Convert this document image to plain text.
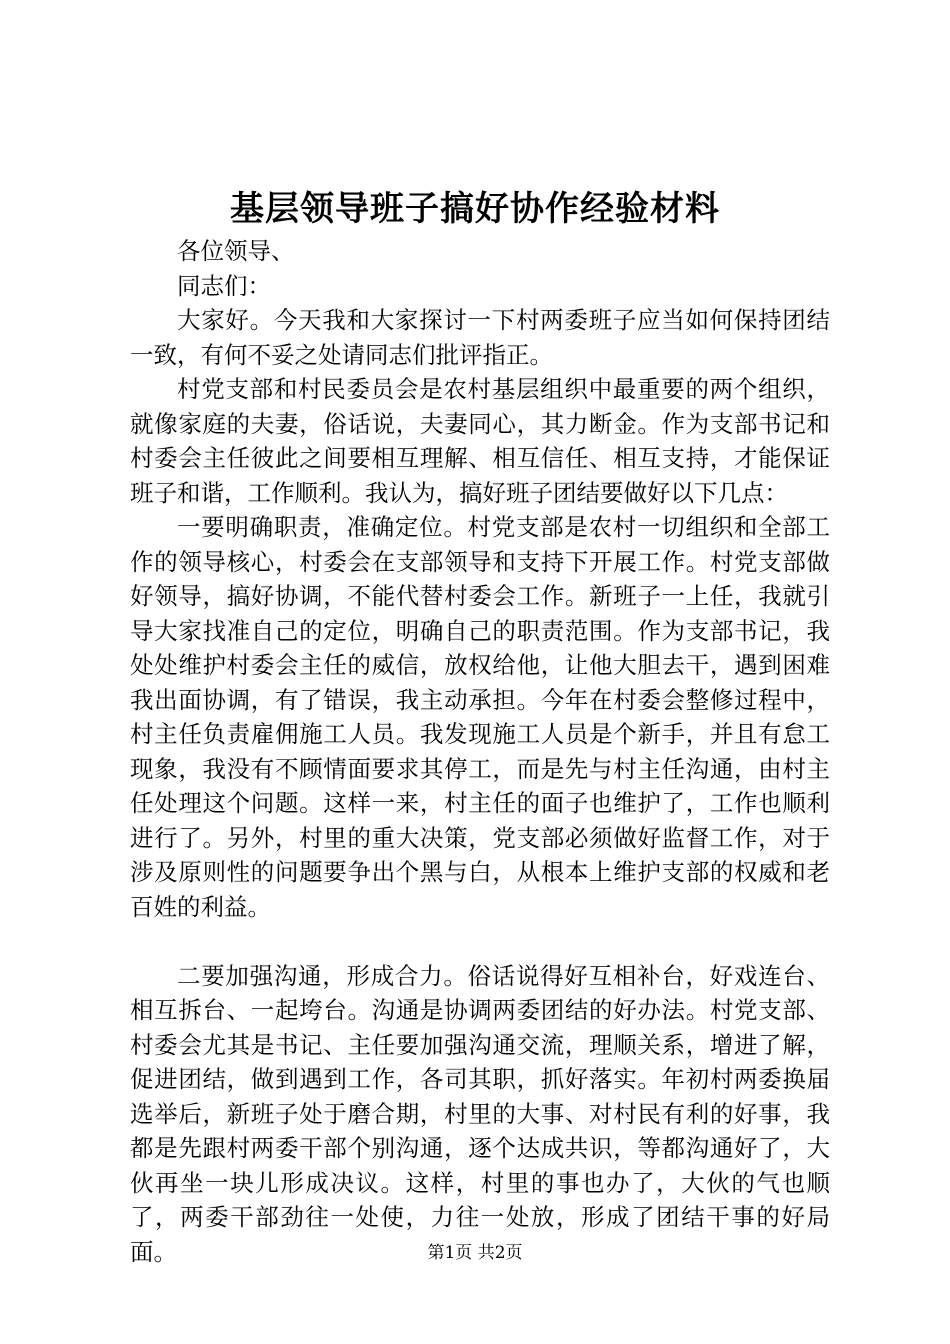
基层领导班子搞好协作经验材料

各位领导、

同志们：

大家好。今天我和大家探讨一下村两委班子应当如何保持团结一致，有何不妥之处请同志们批评指正。

村党支部和村民委员会是农村基层组织中最重要的两个组织，就像家庭的夫妻，俗话说，夫妻同心，其力断金。作为支部书记和村委会主任彼此之间要相互理解、相互信任、相互支持，才能保证班子和谐，工作顺利。我认为，搞好班子团结要做好以下几点：

一要明确职责，准确定位。村党支部是农村一切组织和全部工作的领导核心，村委会在支部领导和支持下开展工作。村党支部做好领导，搞好协调，不能代替村委会工作。新班子一上任，我就引导大家找准自己的定位，明确自己的职责范围。作为支部书记，我处处维护村委会主任的威信，放权给他，让他大胆去干，遇到困难我出面协调，有了错误，我主动承担。今年在村委会整修过程中，村主任负责雇佣施工人员。我发现施工人员是个新手，并且有怠工现象，我没有不顾情面要求其停工，而是先与村主任沟通，由村主任处理这个问题。这样一来，村主任的面子也维护了，工作也顺利进行了。另外，村里的重大决策，党支部必须做好监督工作，对于涉及原则性的问题要争出个黑与白，从根本上维护支部的权威和老百姓的利益。

二要加强沟通，形成合力。俗话说得好互相补台，好戏连台、相互拆台、一起垮台。沟通是协调两委团结的好办法。村党支部、村委会尤其是书记、主任要加强沟通交流，理顺关系，增进了解，促进团结，做到遇到工作，各司其职，抓好落实。年初村两委换届选举后，新班子处于磨合期，村里的大事、对村民有利的好事，我都是先跟村两委干部个别沟通，逐个达成共识，等都沟通好了，大伙再坐一块儿形成决议。这样，村里的事也办了，大伙的气也顺了，两委干部劲往一处使，力往一处放，形成了团结干事的好局面。	第1页 共2页
